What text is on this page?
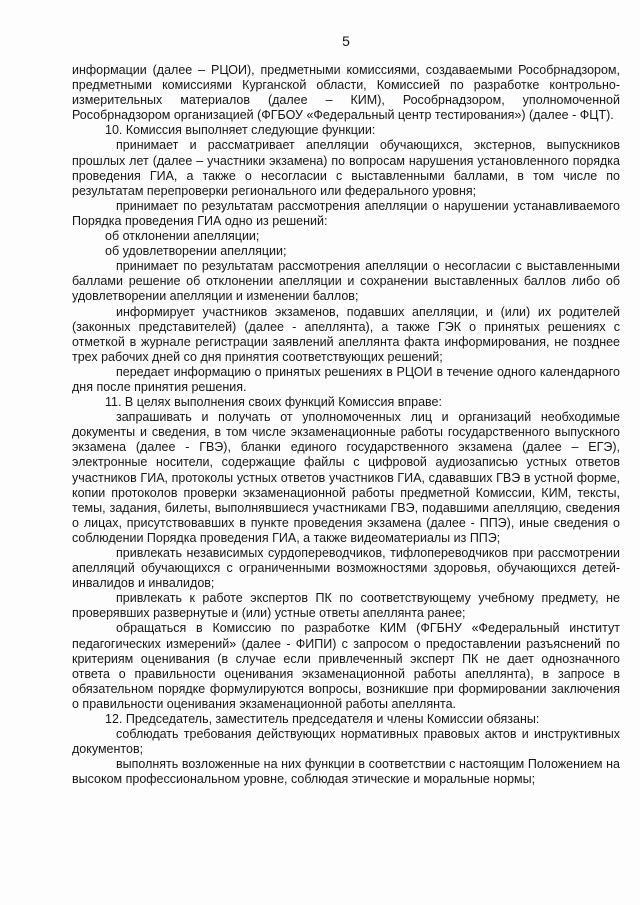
5

информации (далее – РЦОИ), предметными комиссиями, создаваемыми Рособрнадзором, предметными комиссиями Курганской области, Комиссией по разработке контрольно-измерительных материалов (далее – КИМ), Рособрнадзором, уполномоченной Рособрнадзором организацией (ФГБОУ «Федеральный центр тестирования») (далее - ФЦТ).

10. Комиссия выполняет следующие функции:

принимает и рассматривает апелляции обучающихся, экстернов, выпускников прошлых лет (далее – участники экзамена) по вопросам нарушения установленного порядка проведения ГИА, а также о несогласии с выставленными баллами, в том числе по результатам перепроверки регионального или федерального уровня;

принимает по результатам рассмотрения апелляции о нарушении устанавливаемого Порядка проведения ГИА одно из решений:

об отклонении апелляции;

об удовлетворении апелляции;

принимает по результатам рассмотрения апелляции о несогласии с выставленными баллами решение об отклонении апелляции и сохранении выставленных баллов либо об удовлетворении апелляции и изменении баллов;

информирует участников экзаменов, подавших апелляции, и (или) их родителей (законных представителей) (далее - апеллянта), а также ГЭК о принятых решениях с отметкой в журнале регистрации заявлений апеллянта факта информирования, не позднее трех рабочих дней со дня принятия соответствующих решений;

передает информацию о принятых решениях в РЦОИ в течение одного календарного дня после принятия решения.

11. В целях выполнения своих функций Комиссия вправе:

запрашивать и получать от уполномоченных лиц и организаций необходимые документы и сведения, в том числе экзаменационные работы государственного выпускного экзамена (далее - ГВЭ), бланки единого государственного экзамена (далее – ЕГЭ), электронные носители, содержащие файлы с цифровой аудиозаписью устных ответов участников ГИА, протоколы устных ответов участников ГИА, сдававших ГВЭ в устной форме, копии протоколов проверки экзаменационной работы предметной Комиссии, КИМ, тексты, темы, задания, билеты, выполнявшиеся участниками ГВЭ, подавшими апелляцию, сведения о лицах, присутствовавших в пункте проведения экзамена (далее - ППЭ), иные сведения о соблюдении Порядка проведения ГИА, а также видеоматериалы из ППЭ;

привлекать независимых сурдопереводчиков, тифлопереводчиков при рассмотрении апелляций обучающихся с ограниченными возможностями здоровья, обучающихся детей-инвалидов и инвалидов;

привлекать к работе экспертов ПК по соответствующему учебному предмету, не проверявших развернутые и (или) устные ответы апеллянта ранее;

обращаться в Комиссию по разработке КИМ (ФГБНУ «Федеральный институт педагогических измерений» (далее - ФИПИ) с запросом о предоставлении разъяснений по критериям оценивания (в случае если привлеченный эксперт ПК не дает однозначного ответа о правильности оценивания экзаменационной работы апеллянта), в запросе в обязательном порядке формулируются вопросы, возникшие при формировании заключения о правильности оценивания экзаменационной работы апеллянта.

12. Председатель, заместитель председателя и члены Комиссии обязаны:

соблюдать требования действующих нормативных правовых актов и инструктивных документов;

выполнять возложенные на них функции в соответствии с настоящим Положением на высоком профессиональном уровне, соблюдая этические и моральные нормы;
